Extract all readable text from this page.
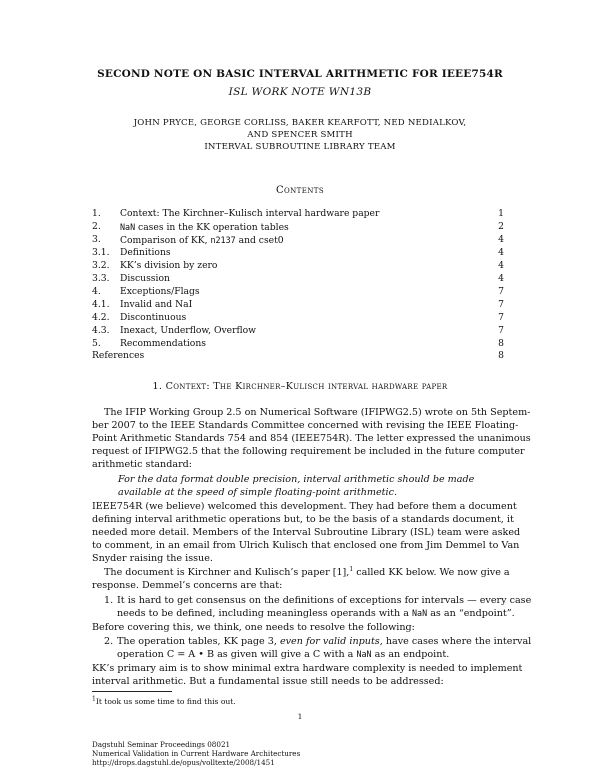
SECOND NOTE ON BASIC INTERVAL ARITHMETIC FOR IEEE754R
ISL WORK NOTE WN13B
JOHN PRYCE, GEORGE CORLISS, BAKER KEARFOTT, NED NEDIALKOV,
AND SPENCER SMITH
INTERVAL SUBROUTINE LIBRARY TEAM
Contents
1. Context: The Kirchner–Kulisch interval hardware paper	1
2. NaN cases in the KK operation tables	2
3. Comparison of KK, n2137 and cset0	4
3.1. Definitions	4
3.2. KK’s division by zero	4
3.3. Discussion	4
4. Exceptions/Flags	7
4.1. Invalid and NaI	7
4.2. Discontinuous	7
4.3. Inexact, Underflow, Overflow	7
5. Recommendations	8
References	8
1. Context: The Kirchner–Kulisch interval hardware paper

The IFIP Working Group 2.5 on Numerical Software (IFIPWG2.5) wrote on 5th Septem-
ber 2007 to the IEEE Standards Committee concerned with revising the IEEE Floating-
Point Arithmetic Standards 754 and 854 (IEEE754R). The letter expressed the unanimous
request of IFIPWG2.5 that the following requirement be included in the future computer
arithmetic standard:

For the data format double precision, interval arithmetic should be made
available at the speed of simple floating-point arithmetic.

IEEE754R (we believe) welcomed this development. They had before them a document
defining interval arithmetic operations but, to be the basis of a standards document, it
needed more detail. Members of the Interval Subroutine Library (ISL) team were asked
to comment, in an email from Ulrich Kulisch that enclosed one from Jim Demmel to Van
Snyder raising the issue.

The document is Kirchner and Kulisch’s paper [1],$^1$ called KK below. We now give a
response. Demmel’s concerns are that:

1. It is hard to get consensus on the definitions of exceptions for intervals — every case
needs to be defined, including meaningless operands with a NaN as an “endpoint”.

Before covering this, we think, one needs to resolve the following:

2. The operation tables, KK page 3, even for valid inputs, have cases where the interval
operation C = A • B as given will give a C with a NaN as an endpoint.

KK’s primary aim is to show minimal extra hardware complexity is needed to implement
interval arithmetic. But a fundamental issue still needs to be addressed:

$^1$It took us some time to find this out.
1
Dagstuhl Seminar Proceedings 08021
Numerical Validation in Current Hardware Architectures
http://drops.dagstuhl.de/opus/volltexte/2008/1451
